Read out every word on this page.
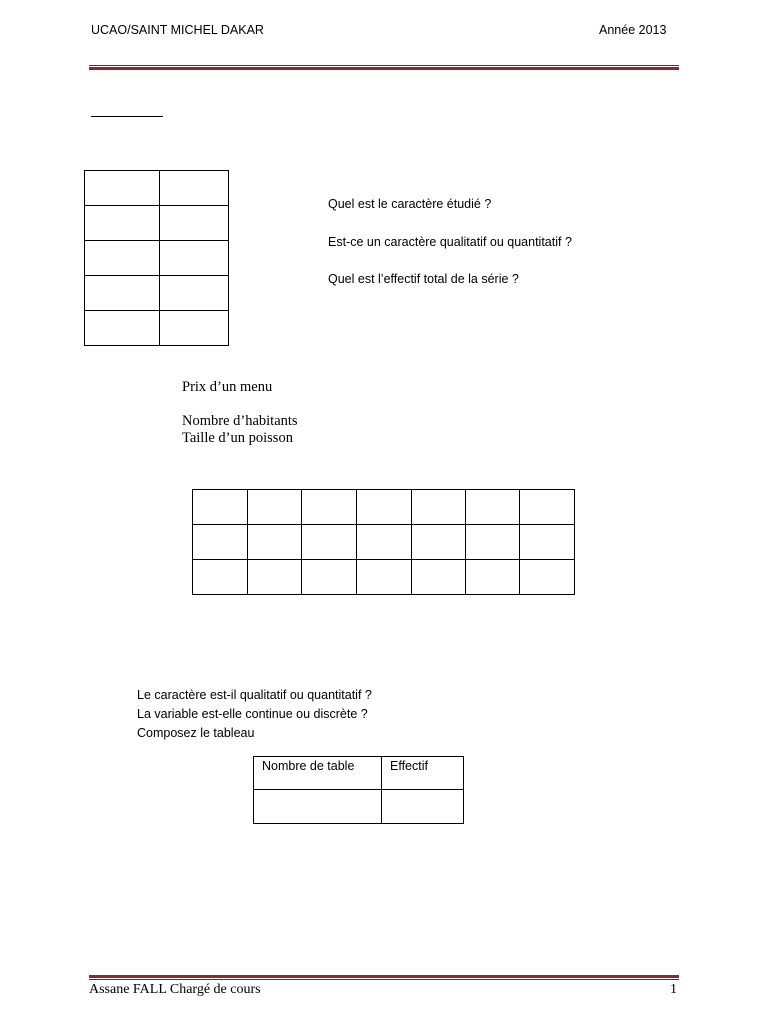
UCAO/SAINT MICHEL DAKAR	Année 2013

Quel est le caractère étudié ?
Est-ce un caractère qualitatif ou quantitatif ?
Quel est l’effectif total de la série ?
Prix d’un menu
Nombre d’habitants
Taille d’un poisson

Le caractère est-il qualitatif ou quantitatif ?
La variable est-elle continue ou discrète ?
Composez le tableau
Nombre de table	Effectif

Assane FALL Chargé de cours	1
